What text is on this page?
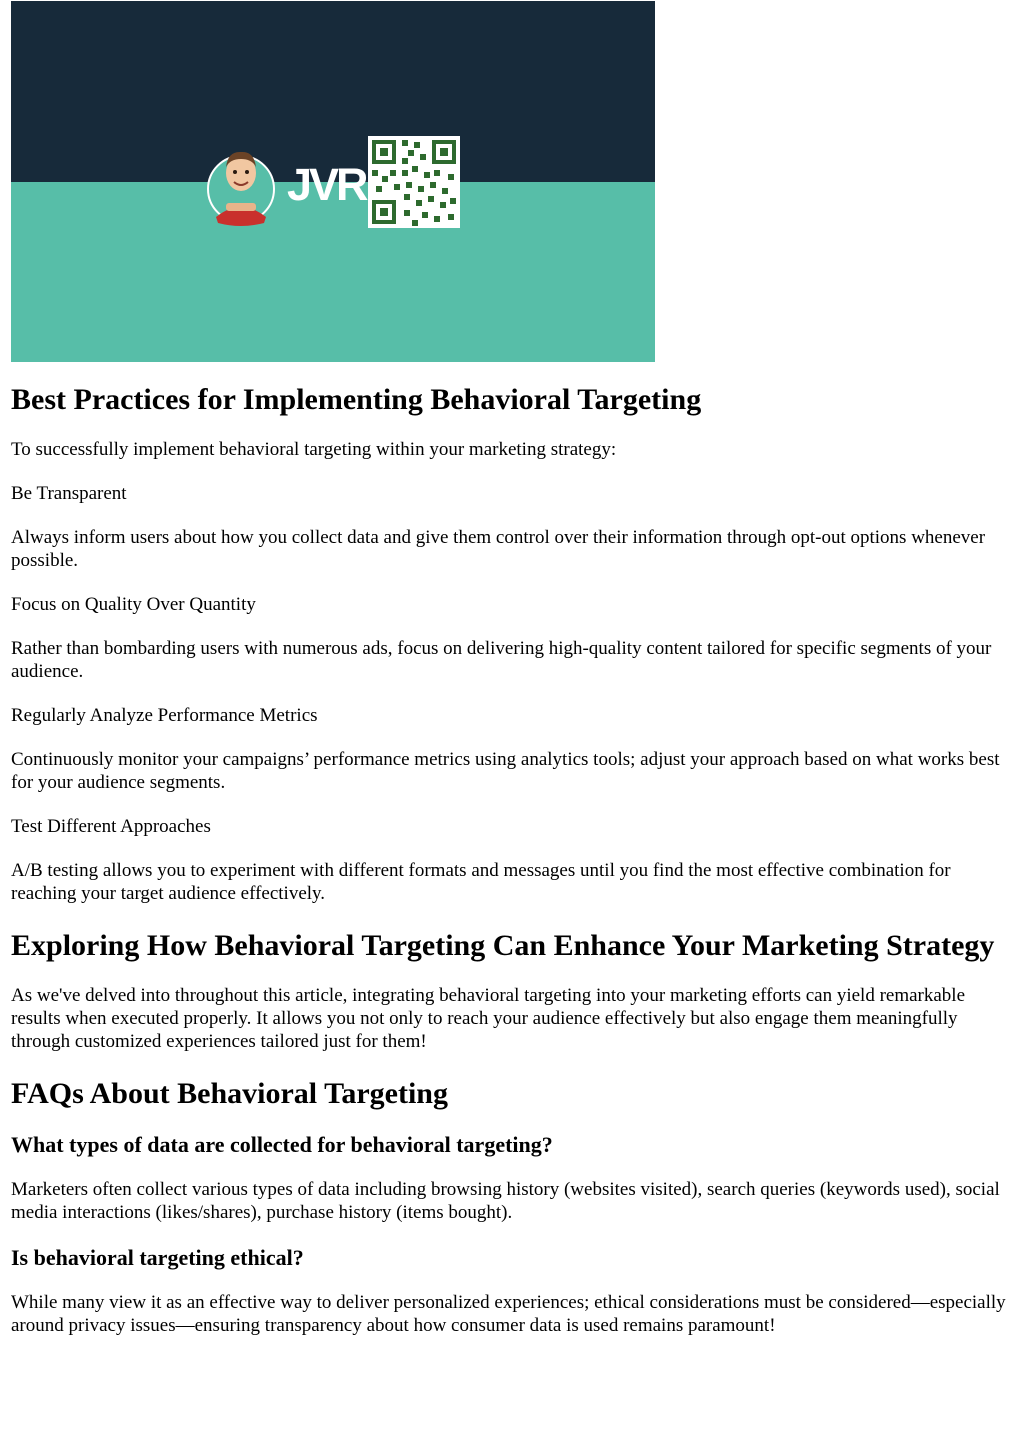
JVR
Best Practices for Implementing Behavioral Targeting

To successfully implement behavioral targeting within your marketing strategy:

Be Transparent

Always inform users about how you collect data and give them control over their information through opt-out options whenever possible.

Focus on Quality Over Quantity

Rather than bombarding users with numerous ads, focus on delivering high-quality content tailored for specific segments of your audience.

Regularly Analyze Performance Metrics

Continuously monitor your campaigns’ performance metrics using analytics tools; adjust your approach based on what works best for your audience segments.

Test Different Approaches

A/B testing allows you to experiment with different formats and messages until you find the most effective combination for reaching your target audience effectively.

Exploring How Behavioral Targeting Can Enhance Your Marketing Strategy

As we've delved into throughout this article, integrating behavioral targeting into your marketing efforts can yield remarkable results when executed properly. It allows you not only to reach your audience effectively but also engage them meaningfully through customized experiences tailored just for them!

FAQs About Behavioral Targeting
What types of data are collected for behavioral targeting?

Marketers often collect various types of data including browsing history (websites visited), search queries (keywords used), social media interactions (likes/shares), purchase history (items bought).

Is behavioral targeting ethical?

While many view it as an effective way to deliver personalized experiences; ethical considerations must be considered—especially around privacy issues—ensuring transparency about how consumer data is used remains paramount!
